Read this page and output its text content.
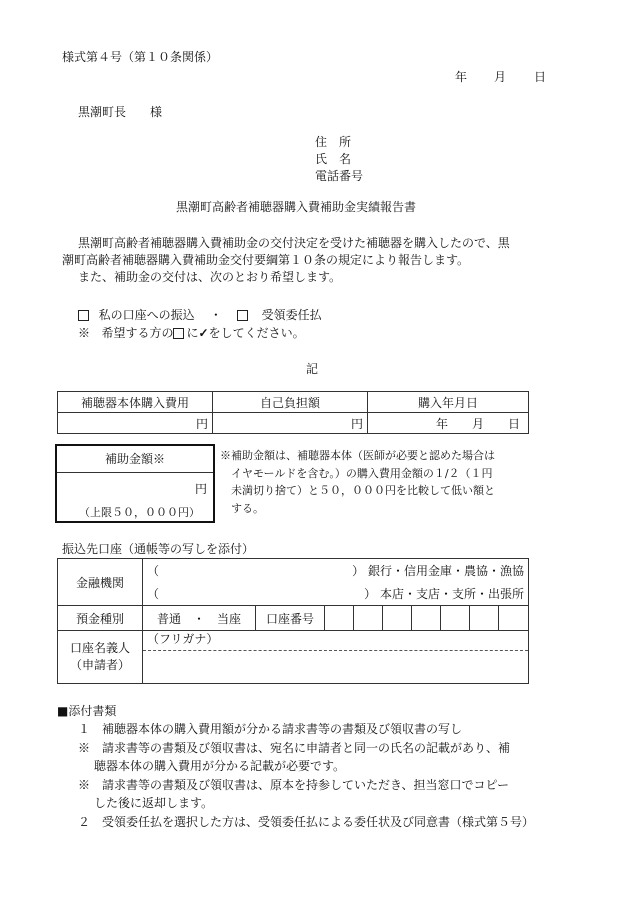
様式第４号（第１０条関係）
年 月 日
黒潮町長　　様
住　所
氏　名
電話番号
黒潮町高齢者補聴器購入費補助金実績報告書
黒潮町高齢者補聴器購入費補助金の交付決定を受けた補聴器を購入したので、黒
潮町高齢者補聴器購入費補助金交付要綱第１０条の規定により報告します。
また、補助金の交付は、次のとおり希望します。
私の口座への振込 ・	受領委任払
※ 希望する方の に✓をしてください。
記
補聴器本体購入費用	自己負担額	購入年月日
円	円	年　　月　　日
補助金額※
円
（上限５０，０００円）
※補助金額は、補聴器本体（医師が必要と認めた場合は
イヤモールドを含む。）の購入費用金額の１/２（１円
未満切り捨て）と５０，０００円を比較して低い額と
する。
振込先口座（通帳等の写しを添付）
金融機関	（ ） 銀行・信用金庫・農協・漁協								

	（ ） 本店・支店・支所・出張所								

預金種別	普通　・　当座	口座番号							

口座名義人
（申請者）	（フリガナ）								
■添付書類
１　補聴器本体の購入費用額が分かる請求書等の書類及び領収書の写し
※　請求書等の書類及び領収書は、宛名に申請者と同一の氏名の記載があり、補
聴器本体の購入費用が分かる記載が必要です。
※　請求書等の書類及び領収書は、原本を持参していただき、担当窓口でコピー
した後に返却します。
２　受領委任払を選択した方は、受領委任払による委任状及び同意書（様式第５号）
